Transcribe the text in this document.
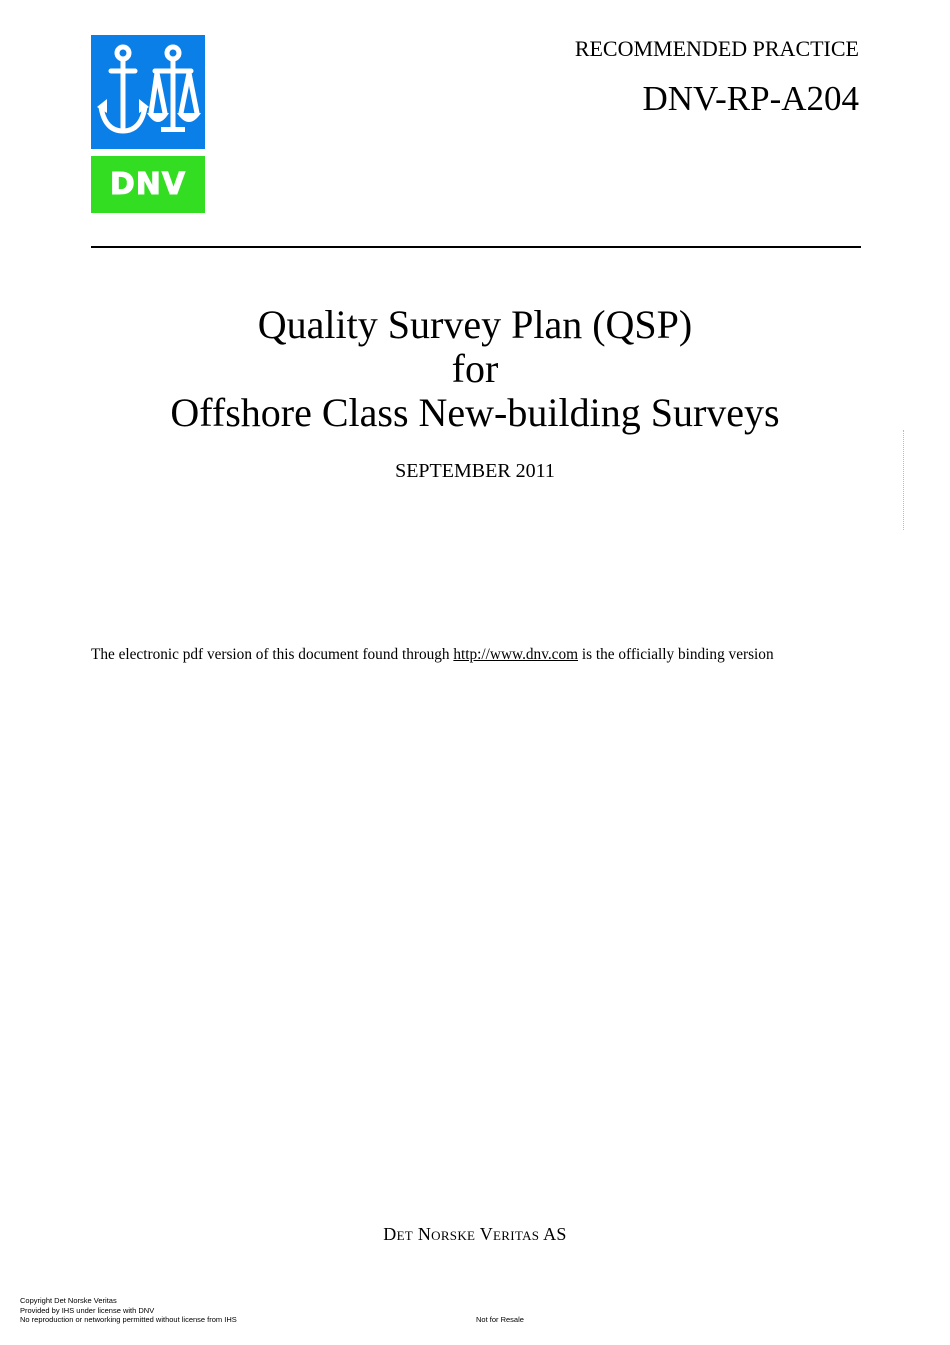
DNV
RECOMMENDED PRACTICE
DNV-RP-A204
Quality Survey Plan (QSP)
for
Offshore Class New-building Surveys
SEPTEMBER 2011
The electronic pdf version of this document found through http://www.dnv.com is the officially binding version
Det Norske Veritas AS
Copyright Det Norske Veritas
Provided by IHS under license with DNV
No reproduction or networking permitted without license from IHS	Not for Resale
